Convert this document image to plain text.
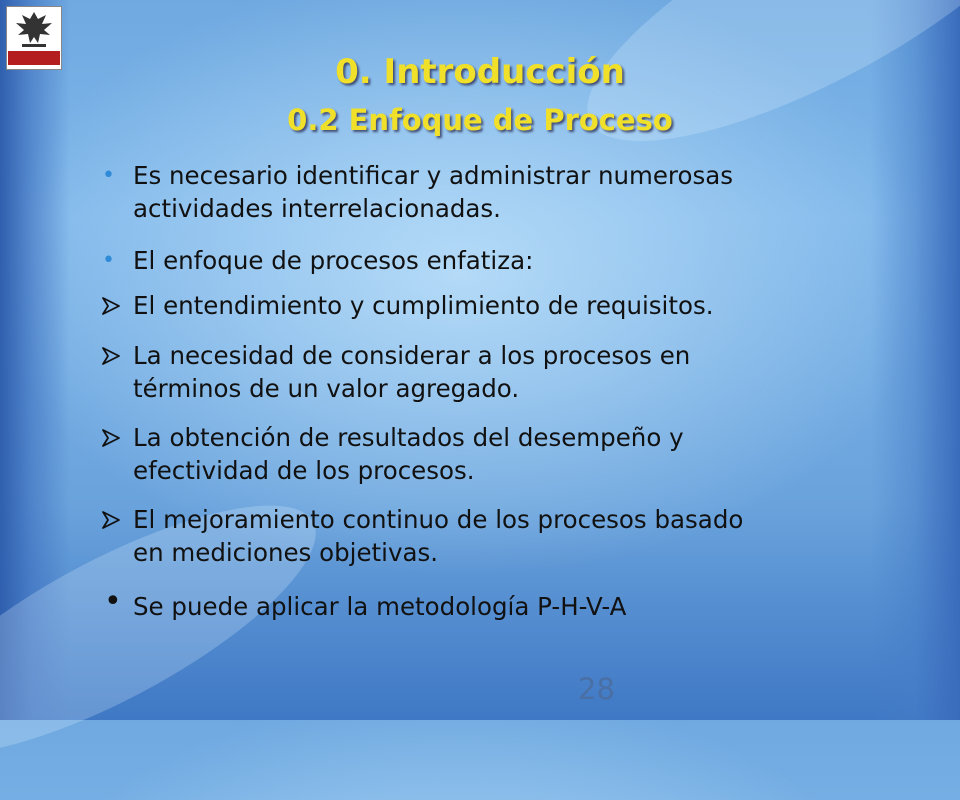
0. Introducción
0.2 Enfoque de Proceso
• Es necesario identificar y administrar numerosas actividades interrelacionadas.
• El enfoque de procesos enfatiza:
El entendimiento y cumplimiento de requisitos.
La necesidad de considerar a los procesos en términos de un valor agregado.
La obtención de resultados del desempeño y efectividad de los procesos.
El mejoramiento continuo de los procesos basado en mediciones objetivas.
• Se puede aplicar la metodología P-H-V-A
28
